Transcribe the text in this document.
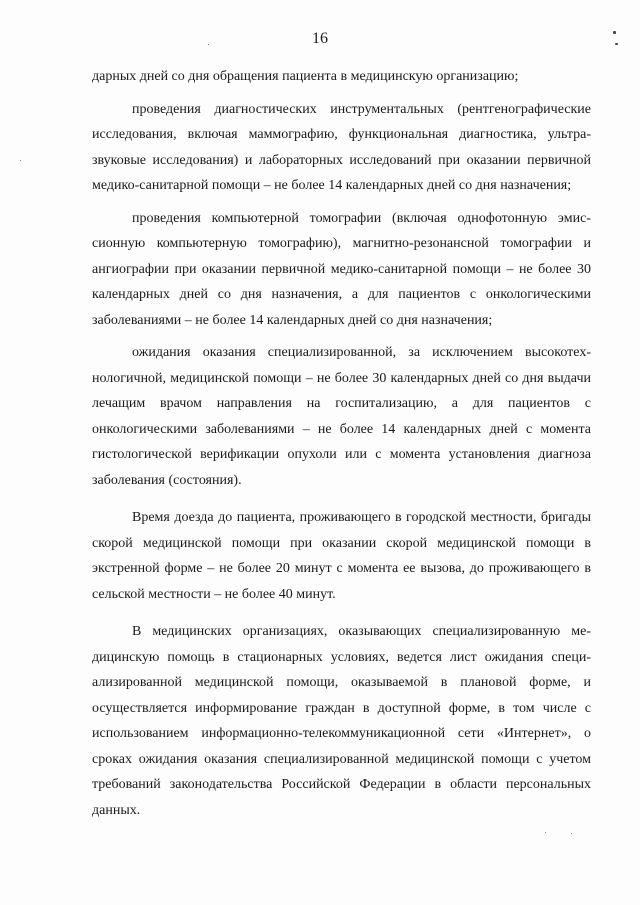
16

дарных дней со дня обращения пациента в медицинскую организацию;

проведения диагностических инструментальных (рентгенографические исследования, включая маммографию, функциональная диагностика, ультразвуковые исследования) и лабораторных исследований при оказании первичной медико-санитарной помощи – не более 14 календарных дней со дня назначения;

проведения компьютерной томографии (включая однофотонную эмиссионную компьютерную томографию), магнитно-резонансной томографии и ангиографии при оказании первичной медико-санитарной помощи – не более 30 календарных дней со дня назначения, а для пациентов с онкологическими заболеваниями – не более 14 календарных дней со дня назначения;

ожидания оказания специализированной, за исключением высокотехнологичной, медицинской помощи – не более 30 календарных дней со дня выдачи лечащим врачом направления на госпитализацию, а для пациентов с онкологическими заболеваниями – не более 14 календарных дней с момента гистологической верификации опухоли или с момента установления диагноза заболевания (состояния).

Время доезда до пациента, проживающего в городской местности, бригады скорой медицинской помощи при оказании скорой медицинской помощи в экстренной форме – не более 20 минут с момента ее вызова, до проживающего в сельской местности – не более 40 минут.

В медицинских организациях, оказывающих специализированную медицинскую помощь в стационарных условиях, ведется лист ожидания специализированной медицинской помощи, оказываемой в плановой форме, и осуществляется информирование граждан в доступной форме, в том числе с использованием информационно-телекоммуникационной сети «Интернет», о сроках ожидания оказания специализированной медицинской помощи с учетом требований законодательства Российской Федерации в области персональных данных.
